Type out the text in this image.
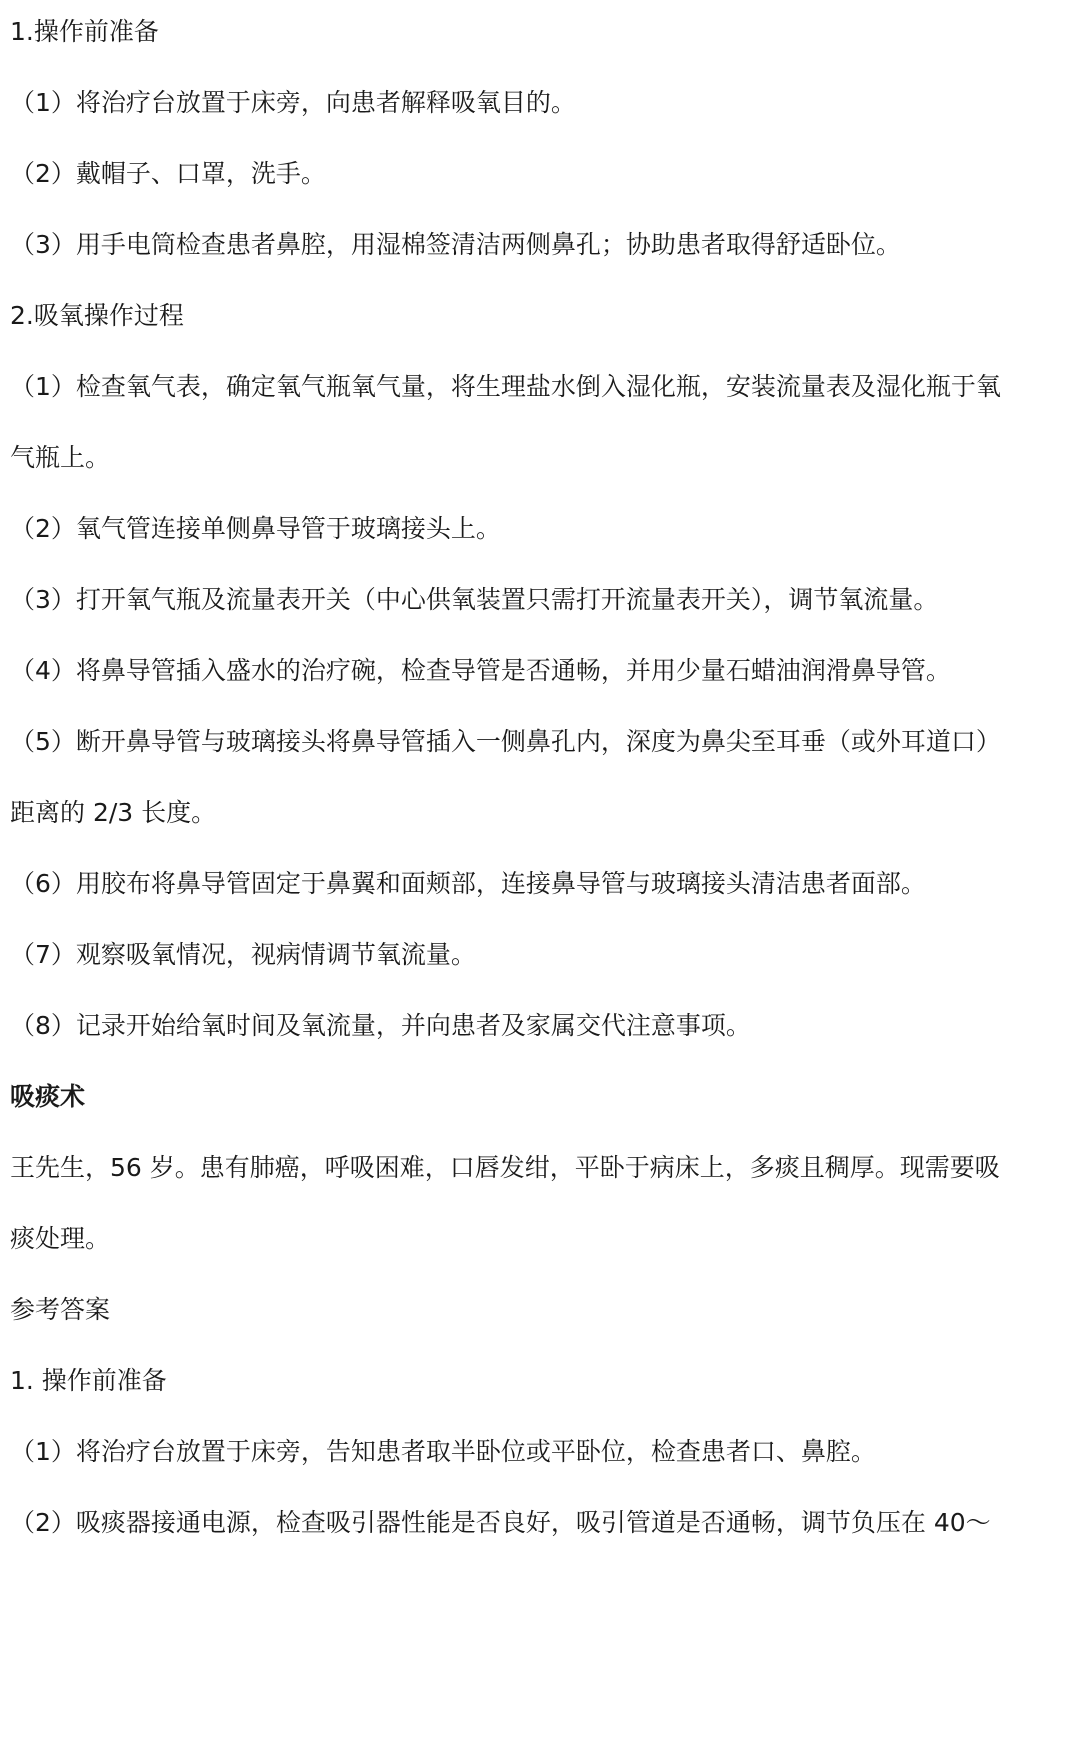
1.操作前准备
（1）将治疗台放置于床旁，向患者解释吸氧目的。
（2）戴帽子、口罩，洗手。
（3）用手电筒检查患者鼻腔，用湿棉签清洁两侧鼻孔；协助患者取得舒适卧位。
2.吸氧操作过程
（1）检查氧气表，确定氧气瓶氧气量，将生理盐水倒入湿化瓶，安装流量表及湿化瓶于氧
气瓶上。
（2）氧气管连接单侧鼻导管于玻璃接头上。
（3）打开氧气瓶及流量表开关（中心供氧装置只需打开流量表开关），调节氧流量。
（4）将鼻导管插入盛水的治疗碗，检查导管是否通畅，并用少量石蜡油润滑鼻导管。
（5）断开鼻导管与玻璃接头将鼻导管插入一侧鼻孔内，深度为鼻尖至耳垂（或外耳道口）
距离的 2/3 长度。
（6）用胶布将鼻导管固定于鼻翼和面颊部，连接鼻导管与玻璃接头清洁患者面部。
（7）观察吸氧情况，视病情调节氧流量。
（8）记录开始给氧时间及氧流量，并向患者及家属交代注意事项。
吸痰术
王先生，56 岁。患有肺癌，呼吸困难，口唇发绀，平卧于病床上，多痰且稠厚。现需要吸
痰处理。
参考答案
1. 操作前准备
（1）将治疗台放置于床旁，告知患者取半卧位或平卧位，检查患者口、鼻腔。
（2）吸痰器接通电源，检查吸引器性能是否良好，吸引管道是否通畅，调节负压在 40～
